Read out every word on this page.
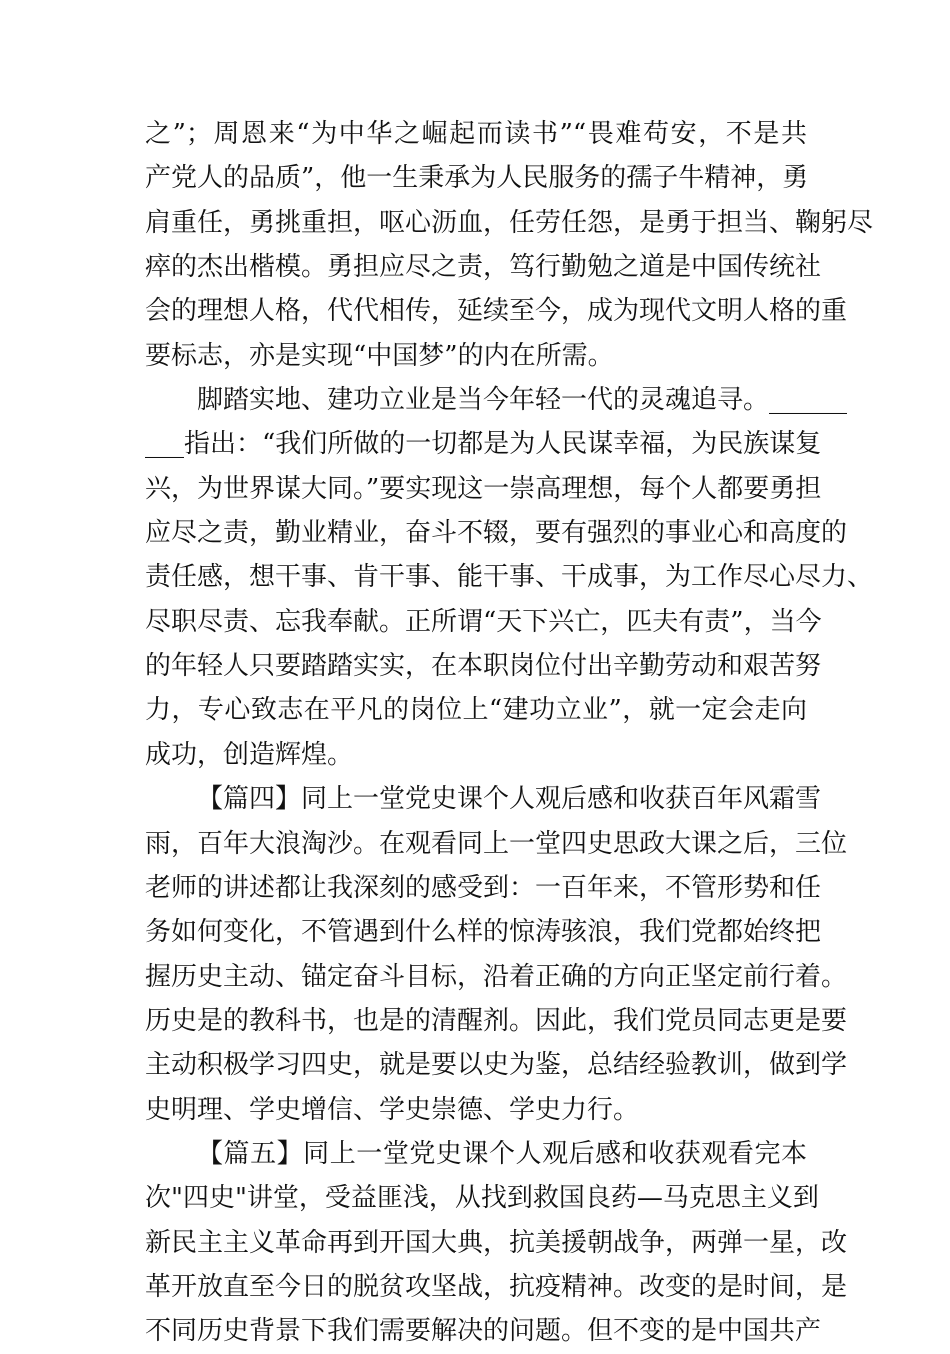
之”；周恩来“为中华之崛起而读书”“畏难苟安，不是共
产党人的品质”，他一生秉承为人民服务的孺子牛精神，勇
肩重任，勇挑重担，呕心沥血，任劳任怨，是勇于担当、鞠躬尽
瘁的杰出楷模。勇担应尽之责，笃行勤勉之道是中国传统社
会的理想人格，代代相传，延续至今，成为现代文明人格的重
要标志，亦是实现“中国梦”的内在所需。
脚踏实地、建功立业是当今年轻一代的灵魂追寻。______
___指出：“我们所做的一切都是为人民谋幸福，为民族谋复
兴，为世界谋大同。”要实现这一崇高理想，每个人都要勇担
应尽之责，勤业精业，奋斗不辍，要有强烈的事业心和高度的
责任感，想干事、肯干事、能干事、干成事，为工作尽心尽力、
尽职尽责、忘我奉献。正所谓“天下兴亡，匹夫有责”，当今
的年轻人只要踏踏实实，在本职岗位付出辛勤劳动和艰苦努
力，专心致志在平凡的岗位上“建功立业”，就一定会走向
成功，创造辉煌。
【篇四】同上一堂党史课个人观后感和收获百年风霜雪
雨，百年大浪淘沙。在观看同上一堂四史思政大课之后，三位
老师的讲述都让我深刻的感受到：一百年来，不管形势和任
务如何变化，不管遇到什么样的惊涛骇浪，我们党都始终把
握历史主动、锚定奋斗目标，沿着正确的方向正坚定前行着。
历史是的教科书，也是的清醒剂。因此，我们党员同志更是要
主动积极学习四史，就是要以史为鉴，总结经验教训，做到学
史明理、学史增信、学史崇德、学史力行。
【篇五】同上一堂党史课个人观后感和收获观看完本
次"四史"讲堂，受益匪浅，从找到救国良药—马克思主义到
新民主主义革命再到开国大典，抗美援朝战争，两弹一星，改
革开放直至今日的脱贫攻坚战，抗疫精神。改变的是时间，是
不同历史背景下我们需要解决的问题。但不变的是中国共产
